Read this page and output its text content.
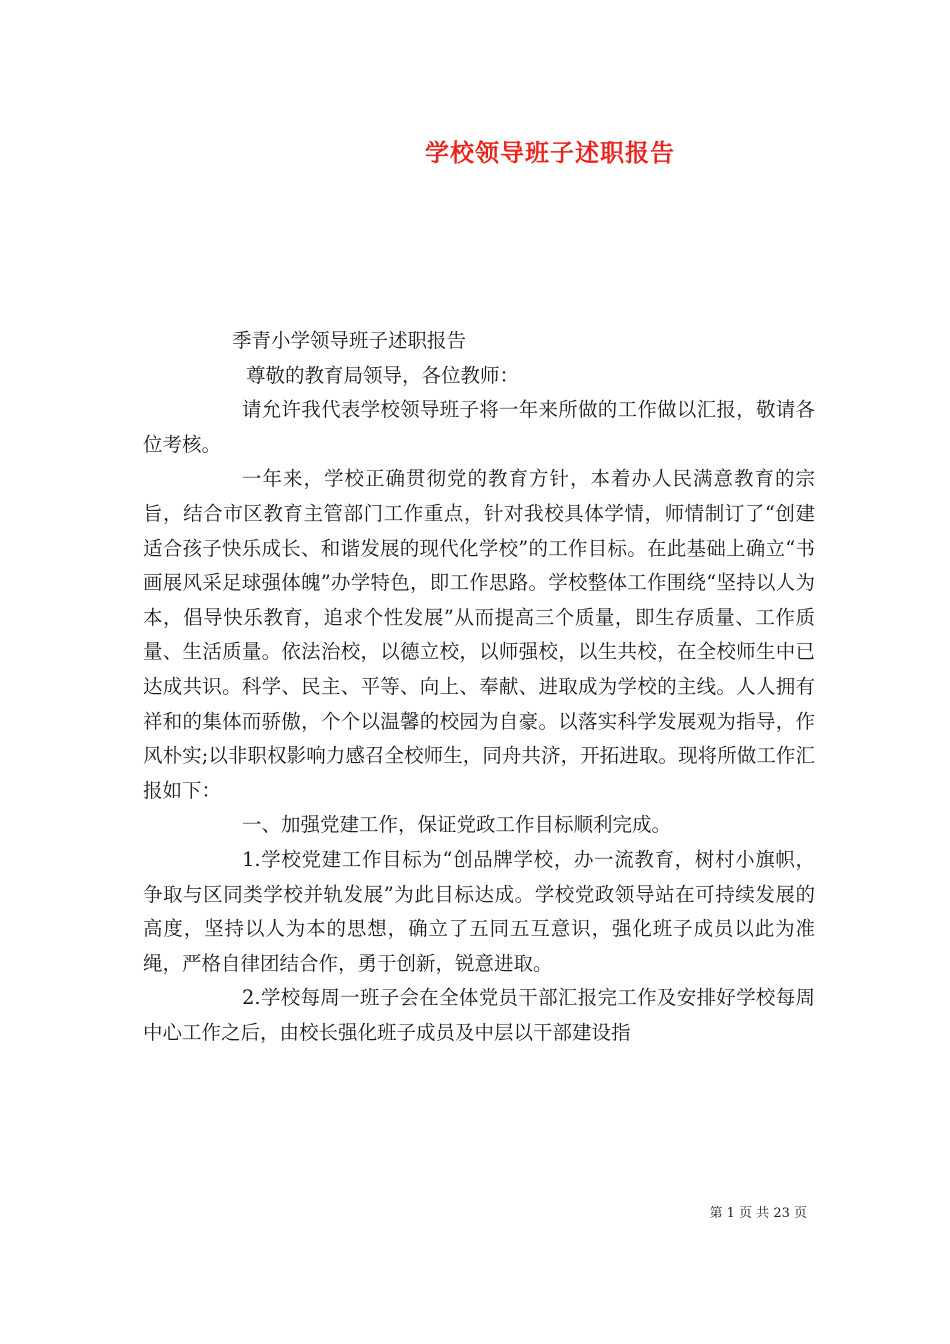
学校领导班子述职报告

季青小学领导班子述职报告

尊敬的教育局领导，各位教师：

请允许我代表学校领导班子将一年来所做的工作做以汇报，敬请各位考核。

一年来，学校正确贯彻党的教育方针，本着办人民满意教育的宗旨，结合市区教育主管部门工作重点，针对我校具体学情，师情制订了“创建适合孩子快乐成长、和谐发展的现代化学校”的工作目标。在此基础上确立“书画展风采足球强体魄”办学特色，即工作思路。学校整体工作围绕“坚持以人为本，倡导快乐教育，追求个性发展”从而提高三个质量，即生存质量、工作质量、生活质量。依法治校，以德立校，以师强校，以生共校，在全校师生中已达成共识。科学、民主、平等、向上、奉献、进取成为学校的主线。人人拥有祥和的集体而骄傲，个个以温馨的校园为自豪。以落实科学发展观为指导，作风朴实;以非职权影响力感召全校师生，同舟共济，开拓进取。现将所做工作汇报如下：

一、加强党建工作，保证党政工作目标顺利完成。

1.学校党建工作目标为“创品牌学校，办一流教育，树村小旗帜，争取与区同类学校并轨发展”为此目标达成。学校党政领导站在可持续发展的高度，坚持以人为本的思想，确立了五同五互意识，强化班子成员以此为准绳，严格自律团结合作，勇于创新，锐意进取。

2.学校每周一班子会在全体党员干部汇报完工作及安排好学校每周中心工作之后，由校长强化班子成员及中层以干部建设指

第 1 页 共 23 页
